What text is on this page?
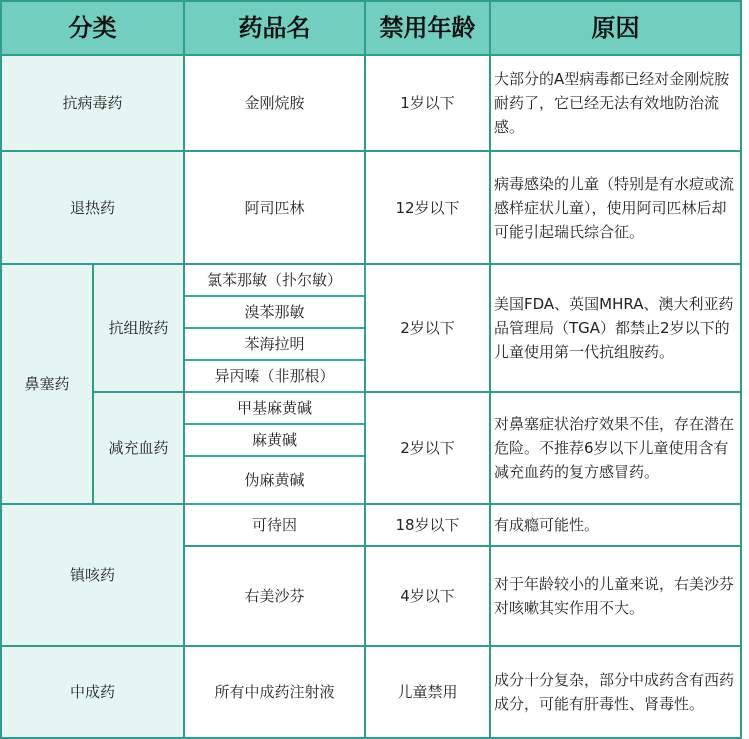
分类		药品名	禁用年龄	原因
抗病毒药		金刚烷胺	1岁以下	大部分的A型病毒都已经对金刚烷胺耐药了，它已经无法有效地防治流感。
退热药		阿司匹林	12岁以下	病毒感染的儿童（特别是有水痘或流感样症状儿童），使用阿司匹林后却可能引起瑞氏综合征。
鼻塞药	抗组胺药	氯苯那敏（扑尔敏）	2岁以下	美国FDA、英国MHRA、澳大利亚药品管理局（TGA）都禁止2岁以下的儿童使用第一代抗组胺药。
		溴苯那敏		
		苯海拉明		
		异丙嗪（非那根）		
	减充血药	甲基麻黄碱	2岁以下	对鼻塞症状治疗效果不佳，存在潜在危险。不推荐6岁以下儿童使用含有减充血药的复方感冒药。
		麻黄碱		
		伪麻黄碱		
镇咳药		可待因	18岁以下	有成瘾可能性。
		右美沙芬	4岁以下	对于年龄较小的儿童来说，右美沙芬对咳嗽其实作用不大。
中成药		所有中成药注射液	儿童禁用	成分十分复杂，部分中成药含有西药成分，可能有肝毒性、肾毒性。
